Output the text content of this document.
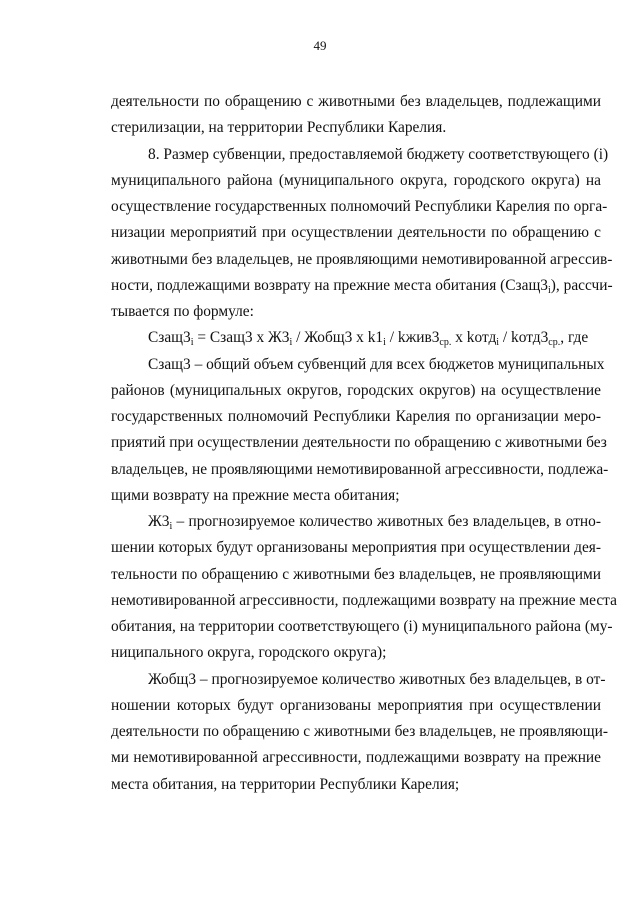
49
деятельности по обращению с животными без владельцев, подлежащими
стерилизации, на территории Республики Карелия.
8. Размер субвенции, предоставляемой бюджету соответствующего (i)
муниципального района (муниципального округа, городского округа) на
осуществление государственных полномочий Республики Карелия по орга-
низации мероприятий при осуществлении деятельности по обращению с
животными без владельцев, не проявляющими немотивированной агрессив-
ности, подлежащими возврату на прежние места обитания $(Сзащ3_i)$, рассчи-
тывается по формуле:
$Сзащ3_i$ = Сзащ3 x $Ж3_i$ / Жобщ3 x $k1_i$ / $kжив3_{ср.}$ x kотд$_i$ / $kотд3_{ср.}$, где
Сзащ3 – общий объем субвенций для всех бюджетов муниципальных
районов (муниципальных округов, городских округов) на осуществление
государственных полномочий Республики Карелия по организации меро-
приятий при осуществлении деятельности по обращению с животными без
владельцев, не проявляющими немотивированной агрессивности, подлежа-
щими возврату на прежние места обитания;
$Ж3_i$ – прогнозируемое количество животных без владельцев, в отно-
шении которых будут организованы мероприятия при осуществлении дея-
тельности по обращению с животными без владельцев, не проявляющими
немотивированной агрессивности, подлежащими возврату на прежние места
обитания, на территории соответствующего (i) муниципального района (му-
ниципального округа, городского округа);
Жобщ3 – прогнозируемое количество животных без владельцев, в от-
ношении которых будут организованы мероприятия при осуществлении
деятельности по обращению с животными без владельцев, не проявляющи-
ми немотивированной агрессивности, подлежащими возврату на прежние
места обитания, на территории Республики Карелия;
